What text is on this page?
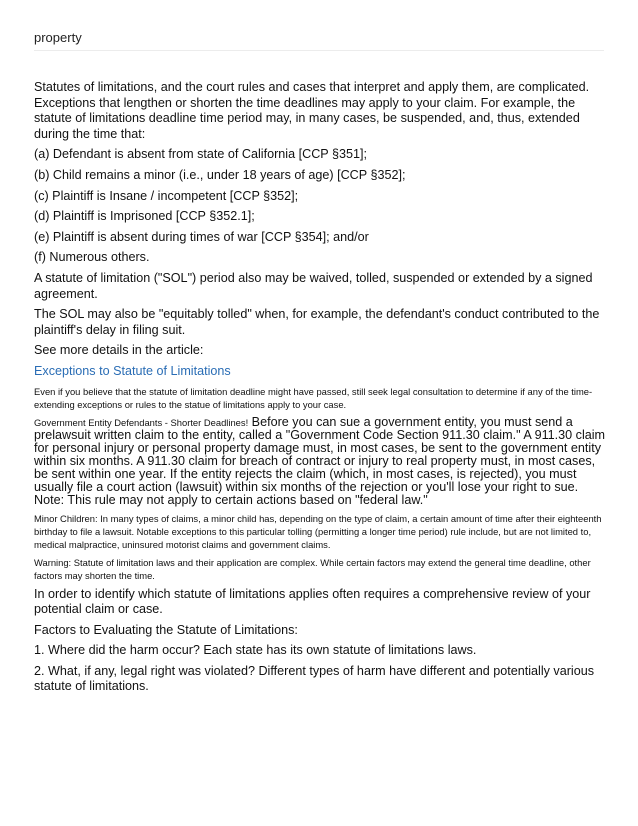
property

Statutes of limitations, and the court rules and cases that interpret and apply them, are complicated. Exceptions that lengthen or shorten the time deadlines may apply to your claim. For example, the statute of limitations deadline time period may, in many cases, be suspended, and, thus, extended during the time that:

(a) Defendant is absent from state of California [CCP §351];

(b) Child remains a minor (i.e., under 18 years of age) [CCP §352];

(c) Plaintiff is Insane / incompetent [CCP §352];

(d) Plaintiff is Imprisoned [CCP §352.1];

(e) Plaintiff is absent during times of war [CCP §354]; and/or

(f) Numerous others.

A statute of limitation ("SOL") period also may be waived, tolled, suspended or extended by a signed agreement.

The SOL may also be "equitably tolled" when, for example, the defendant's conduct contributed to the plaintiff's delay in filing suit.

See more details in the article:

Exceptions to Statute of Limitations

Even if you believe that the statute of limitation deadline might have passed, still seek legal consultation to determine if any of the time-extending exceptions or rules to the statue of limitations apply to your case.

Government Entity Defendants - Shorter Deadlines! Before you can sue a government entity, you must send a prelawsuit written claim to the entity, called a "Government Code Section 911.30 claim." A 911.30 claim for personal injury or personal property damage must, in most cases, be sent to the government entity within six months. A 911.30 claim for breach of contract or injury to real property must, in most cases, be sent within one year. If the entity rejects the claim (which, in most cases, is rejected), you must usually file a court action (lawsuit) within six months of the rejection or you'll lose your right to sue. Note: This rule may not apply to certain actions based on "federal law."

Minor Children: In many types of claims, a minor child has, depending on the type of claim, a certain amount of time after their eighteenth birthday to file a lawsuit. Notable exceptions to this particular tolling (permitting a longer time period) rule include, but are not limited to, medical malpractice, uninsured motorist claims and government claims.

Warning: Statute of limitation laws and their application are complex. While certain factors may extend the general time deadline, other factors may shorten the time.

In order to identify which statute of limitations applies often requires a comprehensive review of your potential claim or case.

Factors to Evaluating the Statute of Limitations:

1. Where did the harm occur? Each state has its own statute of limitations laws.

2. What, if any, legal right was violated? Different types of harm have different and potentially various statute of limitations.
